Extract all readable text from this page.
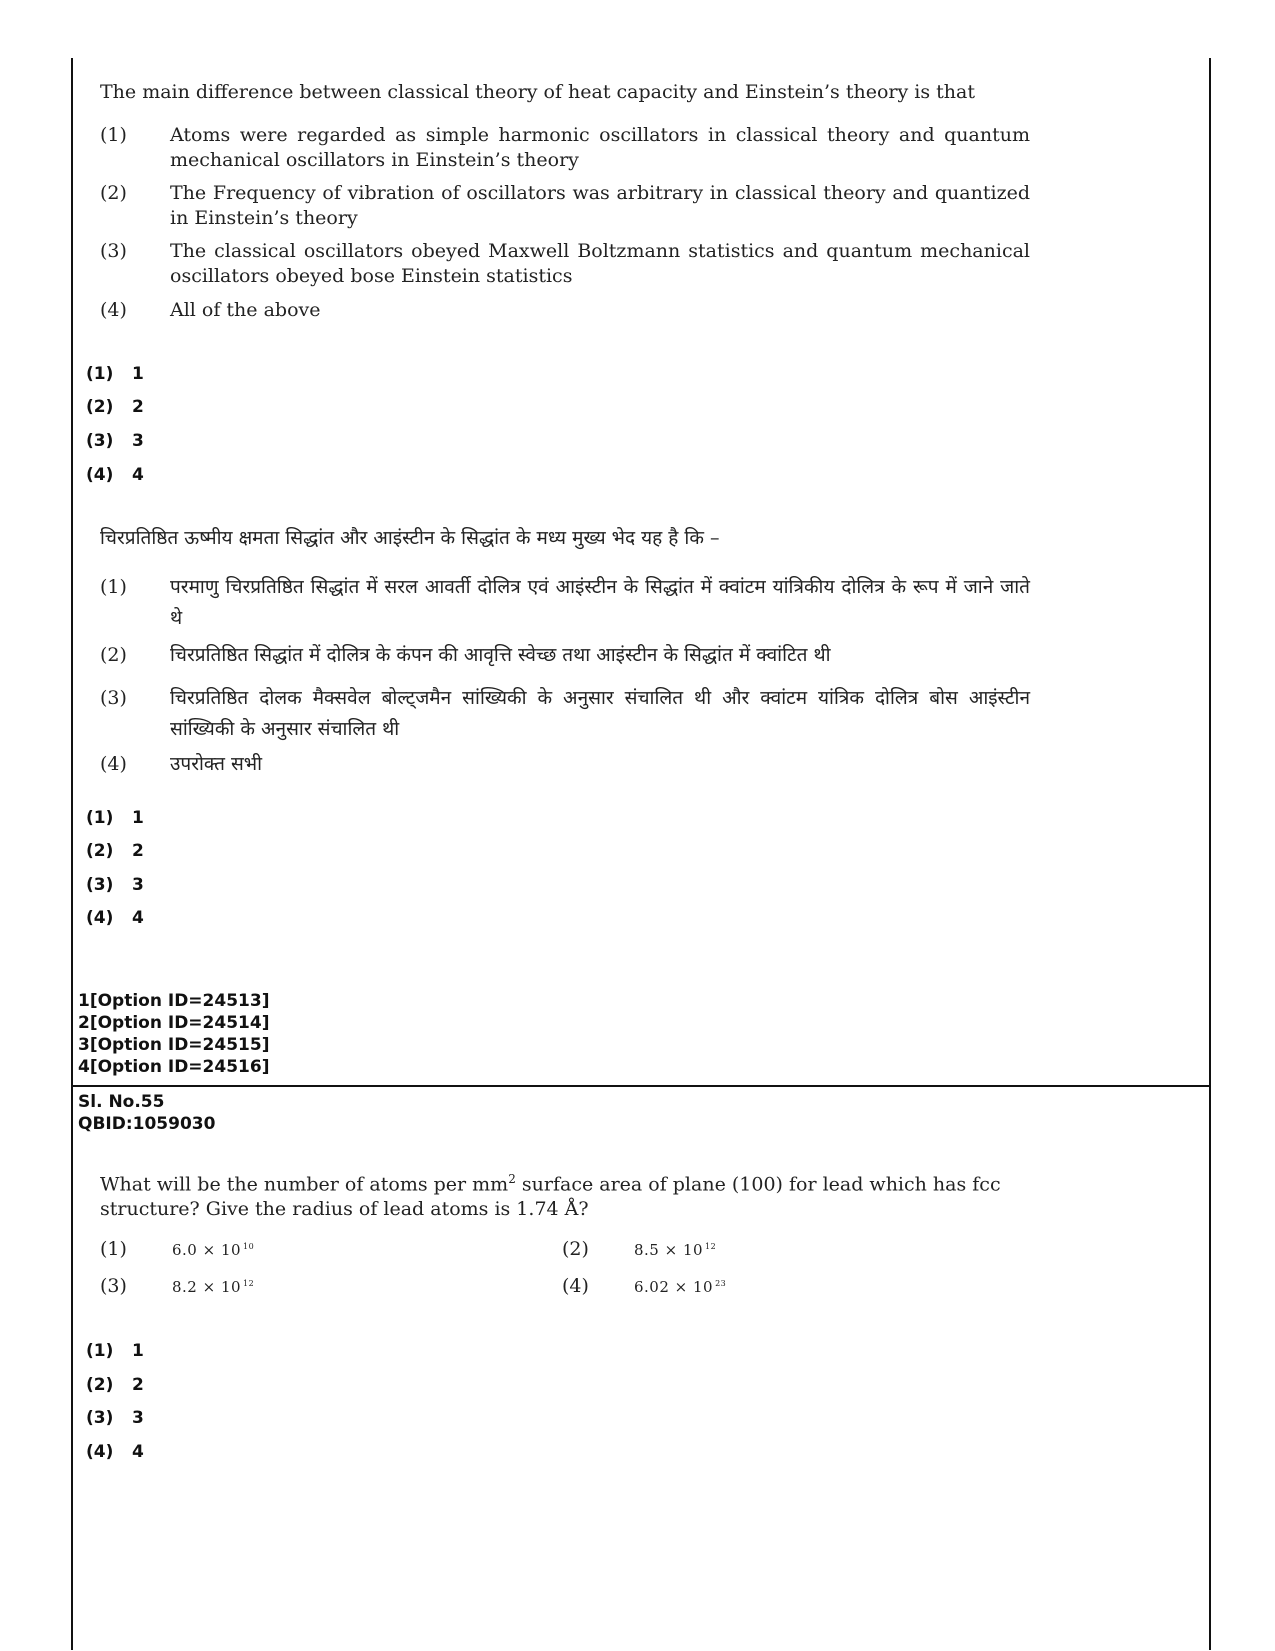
The main difference between classical theory of heat capacity and Einstein’s theory is that
(1)	Atoms were regarded as simple harmonic oscillators in classical theory and quantum mechanical oscillators in Einstein’s theory
(2)	The Frequency of vibration of oscillators was arbitrary in classical theory and quantized in Einstein’s theory
(3)	The classical oscillators obeyed Maxwell Boltzmann statistics and quantum mechanical oscillators obeyed bose Einstein statistics
(4)	All of the above
(1) 1
(2) 2
(3) 3
(4) 4
चिरप्रतिष्ठित ऊष्मीय क्षमता सिद्धांत और आइंस्टीन के सिद्धांत के मध्य मुख्य भेद यह है कि –
(1)	परमाणु चिरप्रतिष्ठित सिद्धांत में सरल आवर्ती दोलित्र एवं आइंस्टीन के सिद्धांत में क्वांटम यांत्रिकीय दोलित्र के रूप में जाने जाते थे
(2)	चिरप्रतिष्ठित सिद्धांत में दोलित्र के कंपन की आवृत्ति स्वेच्छ तथा आइंस्टीन के सिद्धांत में क्वांटित थी
(3)	चिरप्रतिष्ठित दोलक मैक्सवेल बोल्ट्जमैन सांख्यिकी के अनुसार संचालित थी और क्वांटम यांत्रिक दोलित्र बोस आइंस्टीन सांख्यिकी के अनुसार संचालित थी
(4)	उपरोक्त सभी
(1) 1
(2) 2
(3) 3
(4) 4
1[Option ID=24513]
2[Option ID=24514]
3[Option ID=24515]
4[Option ID=24516]
Sl. No.55
QBID:1059030
What will be the number of atoms per $mm^2$ surface area of plane (100) for lead which has fcc
structure? Give the radius of lead atoms is 1.74 Å?
(1)	6.0 × 10 $^{10}$	(2)	8.5 × 10 $^{12}$
(3)	8.2 × 10 $^{12}$	(4)	6.02 × 10 $^{23}$
(1) 1
(2) 2
(3) 3
(4) 4
